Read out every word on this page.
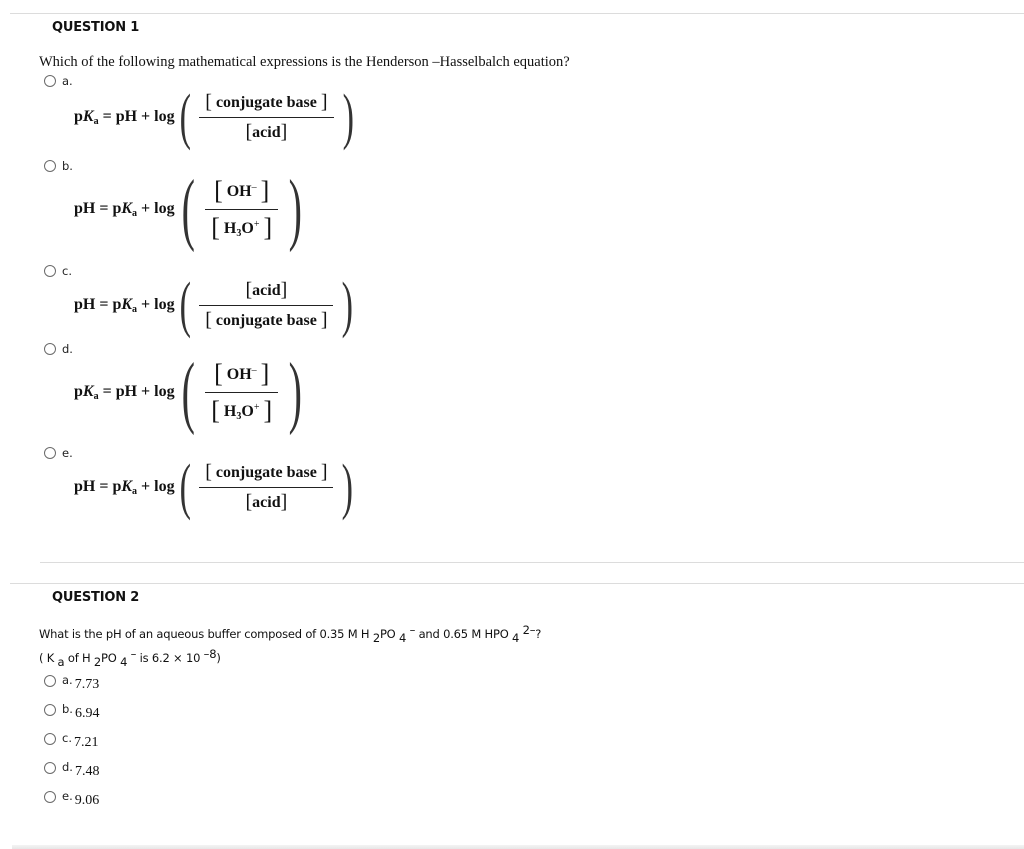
QUESTION 1
Which of the following mathematical expressions is the Henderson –Hasselbalch equation?
a.
$pK_a$ = pH + log ( $\frac{\text{[ conjugate base ]}}{\text{[acid]}}$ )
b.
pH = $pK_a + \log$ ( $\frac{[ OH^- ]}{[ H_3O^+ ]}$ )
c.
pH = $pK_a + \log$ ( $\frac{\text{[acid]}}{\text{[ conjugate base ]}}$ )
d.
$pK_a$ = pH + log ( $\frac{[ OH^- ]}{[ H_3O^+ ]}$ )
e.
pH = $pK_a + \log$ ( $\frac{\text{[ conjugate base ]}}{\text{[acid]}}$ )
QUESTION 2
What is the pH of an aqueous buffer composed of 0.35 M H 2PO 4 – and 0.65 M HPO 4 2–?
( K a of H 2PO 4 – is 6.2 × 10 –8)
a. 7.73
b. 6.94
c. 7.21
d. 7.48
e. 9.06
